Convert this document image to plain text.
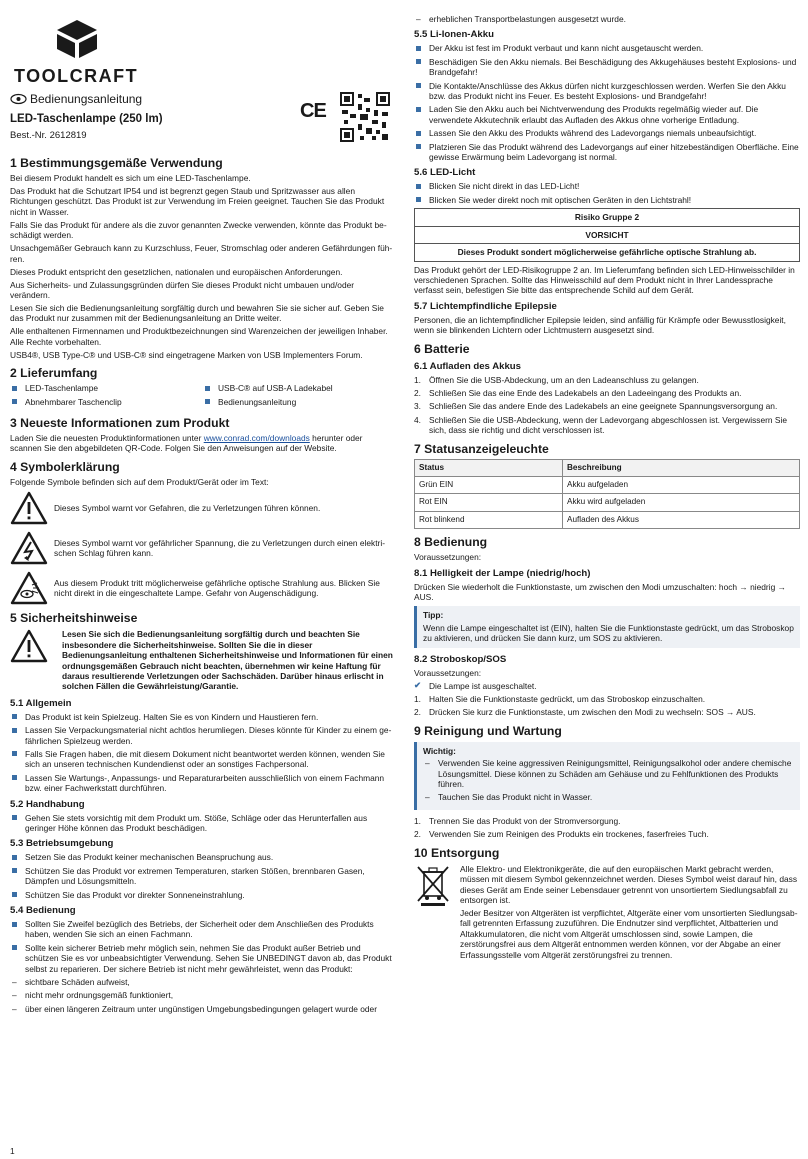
TOOLCRAFT
Bedienungsanleitung
LED-Taschenlampe (250 lm)
Best.-Nr. 2612819
CE
1 Bestimmungsgemäße Verwendung

Bei diesem Produkt handelt es sich um eine LED-Taschenlampe.

Das Produkt hat die Schutzart IP54 und ist begrenzt gegen Staub und Spritzwasser aus allen Richtungen geschützt. Das Produkt ist zur Verwendung im Freien geeignet. Tauchen Sie das Produkt nicht in Wasser.

Falls Sie das Produkt für andere als die zuvor genannten Zwecke verwenden, könnte das Produkt beschädigt werden.

Unsachgemäßer Gebrauch kann zu Kurzschluss, Feuer, Stromschlag oder anderen Gefährdungen führen.

Dieses Produkt entspricht den gesetzlichen, nationalen und europäischen Anforderungen.

Aus Sicherheits- und Zulassungsgründen dürfen Sie dieses Produkt nicht umbauen und/oder verändern.

Lesen Sie sich die Bedienungsanleitung sorgfältig durch und bewahren Sie sie sicher auf. Geben Sie das Produkt nur zusammen mit der Bedienungsanleitung an Dritte weiter.

Alle enthaltenen Firmennamen und Produktbezeichnungen sind Warenzeichen der jeweiligen Inhaber. Alle Rechte vorbehalten.

USB4®, USB Type-C® und USB-C® sind eingetragene Marken von USB Implementers Forum.

2 Lieferumfang
LED-Taschenlampe	USB-C® auf USB-A Ladekabel
Abnehmbarer Taschenclip	Bedienungsanleitung
3 Neueste Informationen zum Produkt

Laden Sie die neuesten Produktinformationen unter www.conrad.com/downloads herunter oder scannen Sie den abgebildeten QR-Code. Folgen Sie den Anweisungen auf der Website.

4 Symbolerklärung

Folgende Symbole befinden sich auf dem Produkt/Gerät oder im Text:

Dieses Symbol warnt vor Gefahren, die zu Verletzungen führen können.
Dieses Symbol warnt vor gefährlicher Spannung, die zu Verletzungen durch einen elektrischen Schlag führen kann.
Aus diesem Produkt tritt möglicherweise gefährliche optische Strahlung aus. Blicken Sie nicht direkt in die eingeschaltete Lampe. Gefahr von Augenschädigung.
5 Sicherheitshinweise
Lesen Sie sich die Bedienungsanleitung sorgfältig durch und beachten Sie insbesondere die Sicherheitshinweise. Sollten Sie die in dieser Bedienungsanleitung enthaltenen Sicherheitshinweise und Informationen für einen ordnungsgemäßen Gebrauch nicht beachten, übernehmen wir keine Haftung für daraus resultierende Verletzungen oder Sachschäden. Darüber hinaus erlischt in solchen Fällen die Gewährleistung/Garantie.
5.1 Allgemein
Das Produkt ist kein Spielzeug. Halten Sie es von Kindern und Haustieren fern.
Lassen Sie Verpackungsmaterial nicht achtlos herumliegen. Dieses könnte für Kinder zu einem gefährlichen Spielzeug werden.
Falls Sie Fragen haben, die mit diesem Dokument nicht beantwortet werden können, wenden Sie sich an unseren technischen Kundendienst oder an sonstiges Fachpersonal.
Lassen Sie Wartungs-, Anpassungs- und Reparaturarbeiten ausschließlich von einem Fachmann bzw. einer Fachwerkstatt durchführen.
5.2 Handhabung
Gehen Sie stets vorsichtig mit dem Produkt um. Stöße, Schläge oder das Herunterfallen aus geringer Höhe können das Produkt beschädigen.
5.3 Betriebsumgebung
Setzen Sie das Produkt keiner mechanischen Beanspruchung aus.
Schützen Sie das Produkt vor extremen Temperaturen, starken Stößen, brennbaren Gasen, Dämpfen und Lösungsmitteln.
Schützen Sie das Produkt vor direkter Sonneneinstrahlung.
5.4 Bedienung
Sollten Sie Zweifel bezüglich des Betriebs, der Sicherheit oder dem Anschließen des Produkts haben, wenden Sie sich an einen Fachmann.
Sollte kein sicherer Betrieb mehr möglich sein, nehmen Sie das Produkt außer Betrieb und schützen Sie es vor unbeabsichtigter Verwendung. Sehen Sie UNBEDINGT davon ab, das Produkt selbst zu reparieren. Der sichere Betrieb ist nicht mehr gewährleistet, wenn das Produkt:
– sichtbare Schäden aufweist,
– nicht mehr ordnungsgemäß funktioniert,
– über einen längeren Zeitraum unter ungünstigen Umgebungsbedingungen gelagert wurde oder
1
– erheblichen Transportbelastungen ausgesetzt wurde.
5.5 Li-Ionen-Akku
Der Akku ist fest im Produkt verbaut und kann nicht ausgetauscht werden.
Beschädigen Sie den Akku niemals. Bei Beschädigung des Akkugehäuses besteht Explosions- und Brandgefahr!
Die Kontakte/Anschlüsse des Akkus dürfen nicht kurzgeschlossen werden. Werfen Sie den Akku bzw. das Produkt nicht ins Feuer. Es besteht Explosions- und Brandgefahr!
Laden Sie den Akku auch bei Nichtverwendung des Produkts regelmäßig wieder auf. Die verwendete Akkutechnik erlaubt das Aufladen des Akkus ohne vorherige Entladung.
Lassen Sie den Akku des Produkts während des Ladevorgangs niemals unbeaufsichtigt.
Platzieren Sie das Produkt während des Ladevorgangs auf einer hitzebeständigen Oberfläche. Eine gewisse Erwärmung beim Ladevorgang ist normal.
5.6 LED-Licht
Blicken Sie nicht direkt in das LED-Licht!
Blicken Sie weder direkt noch mit optischen Geräten in den Lichtstrahl!
Risiko Gruppe 2
VORSICHT
Dieses Produkt sondert möglicherweise gefährliche optische Strahlung ab.

Das Produkt gehört der LED-Risikogruppe 2 an. Im Lieferumfang befinden sich LED-Hinweisschilder in verschiedenen Sprachen. Sollte das Hinweisschild auf dem Produkt nicht in Ihrer Landessprache verfasst sein, befestigen Sie bitte das entsprechende Schild auf dem Gerät.

5.7 Lichtempfindliche Epilepsie

Personen, die an lichtempfindlicher Epilepsie leiden, sind anfällig für Krämpfe oder Bewusstlosigkeit, wenn sie blinkenden Lichtern oder Lichtmustern ausgesetzt sind.

6 Batterie
6.1 Aufladen des Akkus
1. Öffnen Sie die USB-Abdeckung, um an den Ladeanschluss zu gelangen.
2. Schließen Sie das eine Ende des Ladekabels an den Ladeeingang des Produkts an.
3. Schließen Sie das andere Ende des Ladekabels an eine geeignete Spannungsversorgung an.
4. Schließen Sie die USB-Abdeckung, wenn der Ladevorgang abgeschlossen ist. Vergewissern Sie sich, dass sie richtig und dicht verschlossen ist.
7 Statusanzeigeleuchte
Status	Beschreibung
Grün EIN	Akku aufgeladen
Rot EIN	Akku wird aufgeladen
Rot blinkend	Aufladen des Akkus
8 Bedienung

Voraussetzungen:

8.1 Helligkeit der Lampe (niedrig/hoch)

Drücken Sie wiederholt die Funktionstaste, um zwischen den Modi umzuschalten: hoch → niedrig → AUS.

Tipp:
Wenn die Lampe eingeschaltet ist (EIN), halten Sie die Funktionstaste gedrückt, um das Stroboskop zu aktivieren, und drücken Sie dann kurz, um SOS zu aktivieren.
8.2 Stroboskop/SOS

Voraussetzungen:

✔ Die Lampe ist ausgeschaltet.
1. Halten Sie die Funktionstaste gedrückt, um das Stroboskop einzuschalten.
2. Drücken Sie kurz die Funktionstaste, um zwischen den Modi zu wechseln: SOS → AUS.
9 Reinigung und Wartung
Wichtig:
– Verwenden Sie keine aggressiven Reinigungsmittel, Reinigungsalkohol oder andere chemische Lösungsmittel. Diese können zu Schäden am Gehäuse und zu Fehlfunktionen des Produkts führen.
– Tauchen Sie das Produkt nicht in Wasser.
1. Trennen Sie das Produkt von der Stromversorgung.
2. Verwenden Sie zum Reinigen des Produkts ein trockenes, faserfreies Tuch.
10 Entsorgung

Alle Elektro- und Elektronikgeräte, die auf den europäischen Markt gebracht werden, müssen mit diesem Symbol gekennzeichnet werden. Dieses Symbol weist darauf hin, dass dieses Gerät am Ende seiner Lebensdauer getrennt von unsortiertem Siedlungsabfall zu entsorgen ist.

Jeder Besitzer von Altgeräten ist verpflichtet, Altgeräte einer vom unsortierten Siedlungsabfall getrennten Erfassung zuzuführen. Die Endnutzer sind verpflichtet, Altbatterien und Altakkumulatoren, die nicht vom Altgerät umschlossen sind, sowie Lampen, die zerstörungsfrei aus dem Altgerät entnommen werden können, vor der Abgabe an einer Erfassungsstelle vom Altgerät zerstörungsfrei zu trennen.
